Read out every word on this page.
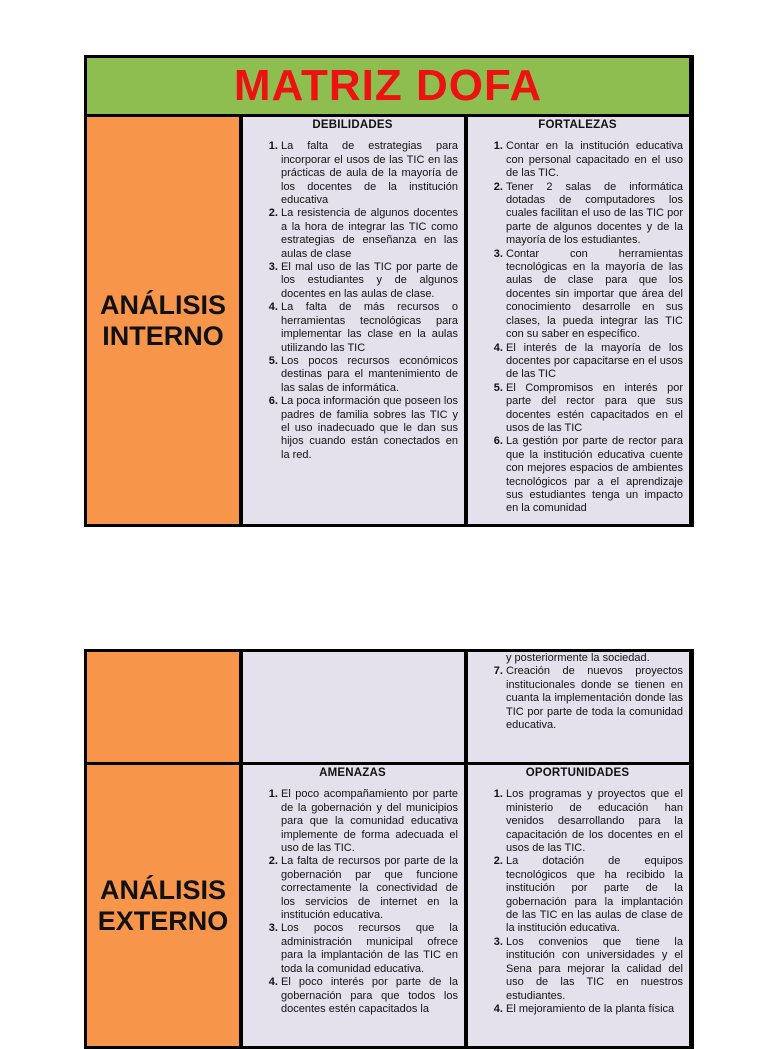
MATRIZ DOFA
ANÁLISIS
INTERNO
DEBILIDADES
1. La falta de estrategias para incorporar el usos de las TIC en las prácticas de aula de la mayoría de los docentes de la institución educativa
2. La resistencia de algunos docentes a la hora de integrar las TIC como estrategias de enseñanza en las aulas de clase
3. El mal uso de las TIC por parte de los estudiantes y de algunos docentes en las aulas de clase.
4. La falta de más recursos o herramientas tecnológicas para implementar las clase en la aulas utilizando las TIC
5. Los pocos recursos económicos destinas para el mantenimiento de las salas de informática.
6. La poca información que poseen los padres de familia sobres las TIC y el uso inadecuado que le dan sus hijos cuando están conectados en la red.
FORTALEZAS
1. Contar en la institución educativa con personal capacitado en el uso de las TIC.
2. Tener 2 salas de informática dotadas de computadores los cuales facilitan el uso de las TIC por parte de algunos docentes y de la mayoría de los estudiantes.
3. Contar con herramientas tecnológicas en la mayoría de las aulas de clase para que los docentes sin importar que área del conocimiento desarrolle en sus clases, la pueda integrar las TIC con su saber en específico.
4. El interés de la mayoría de los docentes por capacitarse en el usos de las TIC
5. El Compromisos en interés por parte del rector para que sus docentes estén capacitados en el usos de las TIC
6. La gestión por parte de rector para que la institución educativa cuente con mejores espacios de ambientes tecnológicos par a el aprendizaje sus estudiantes tenga un impacto en la comunidad
y posteriormente la sociedad.
7. Creación de nuevos proyectos institucionales donde se tienen en cuanta la implementación donde las TIC por parte de toda la comunidad educativa.
ANÁLISIS
EXTERNO
AMENAZAS
1. El poco acompañamiento por parte de la gobernación y del municipios para que la comunidad educativa implemente de forma adecuada el uso de las TIC.
2. La falta de recursos por parte de la gobernación par que funcione correctamente la conectividad de los servicios de internet en la institución educativa.
3. Los pocos recursos que la administración municipal ofrece para la implantación de las TIC en toda la comunidad educativa.
4. El poco interés por parte de la gobernación para que todos los docentes estén capacitados la
OPORTUNIDADES
1. Los programas y proyectos que el ministerio de educación han venidos desarrollando para la capacitación de los docentes en el usos de las TIC.
2. La dotación de equipos tecnológicos que ha recibido la institución por parte de la gobernación para la implantación de las TIC en las aulas de clase de la institución educativa.
3. Los convenios que tiene la institución con universidades y el Sena para mejorar la calidad del uso de las TIC en nuestros estudiantes.
4. El mejoramiento de la planta física
